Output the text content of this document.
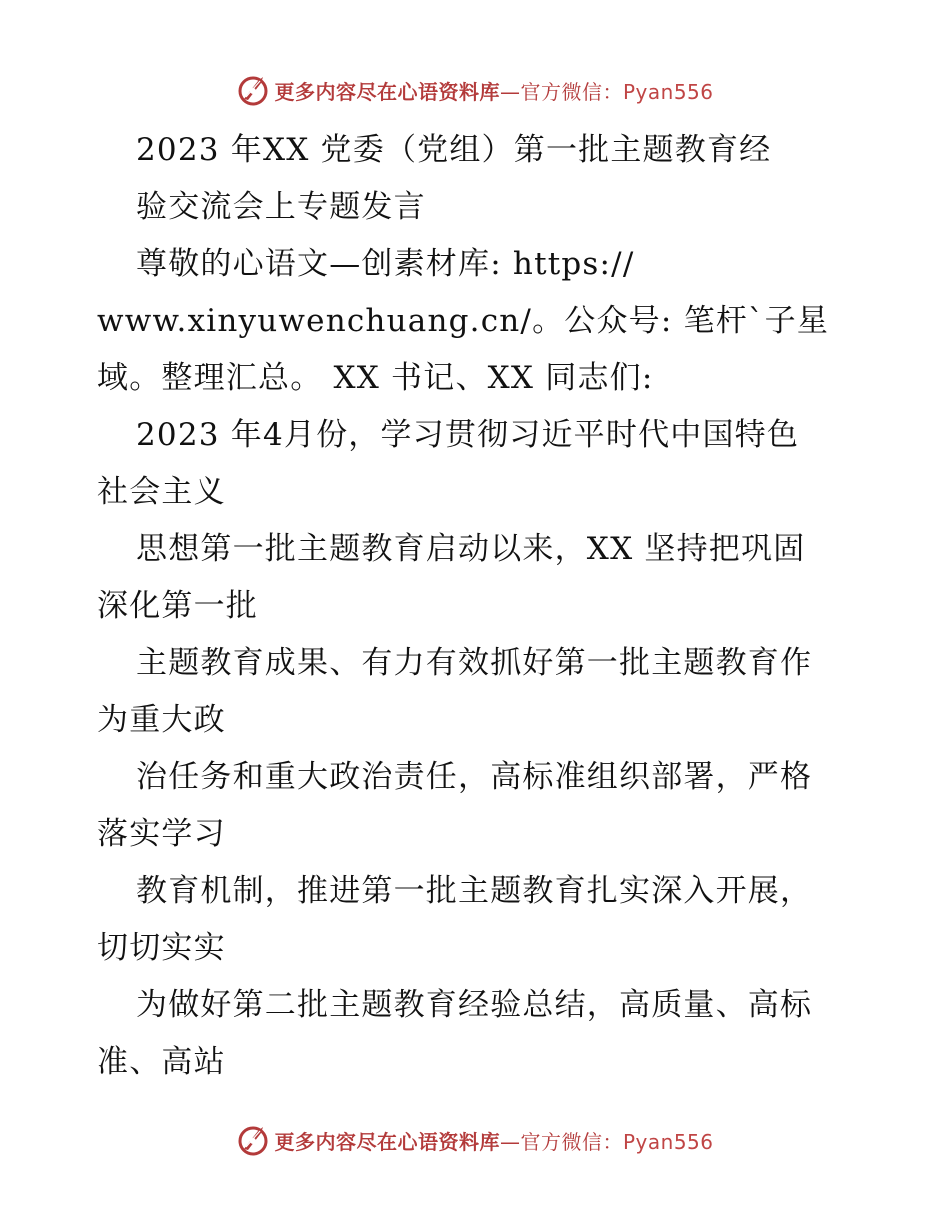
更多内容尽在心语资料库—官方微信：Pyan556
2023 年XX 党委（党组）第一批主题教育经
验交流会上专题发言
尊敬的心语文—创素材库: https://
www.xinyuwenchuang.cn/。公众号: 笔杆`子星
域。整理汇总。 XX 书记、XX 同志们:
2023 年4月份，学习贯彻习近平时代中国特色
社会主义
思想第一批主题教育启动以来，XX 坚持把巩固
深化第一批
主题教育成果、有力有效抓好第一批主题教育作
为重大政
治任务和重大政治责任，高标准组织部署，严格
落实学习
教育机制，推进第一批主题教育扎实深入开展，
切切实实
为做好第二批主题教育经验总结，高质量、高标
准、高站
更多内容尽在心语资料库—官方微信：Pyan556
